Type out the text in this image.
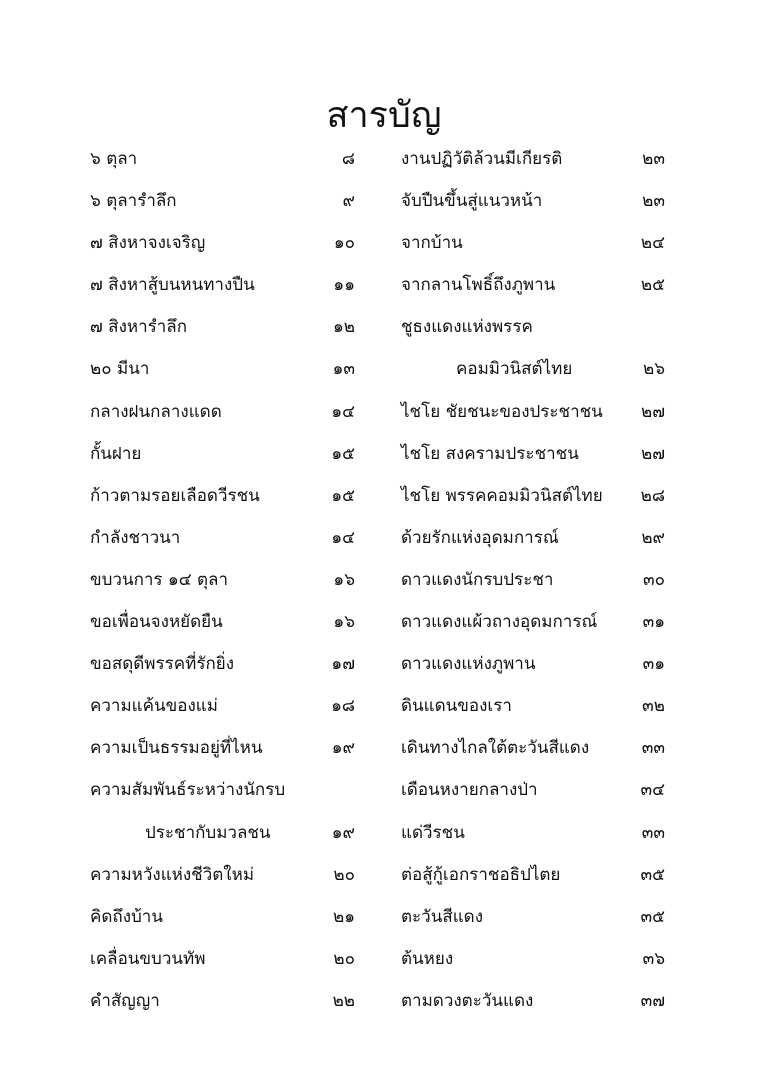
สารบัญ
๖ ตุลา	๘
๖ ตุลารำลึก	๙
๗ สิงหาจงเจริญ	๑๐
๗ สิงหาสู้บนหนทางปืน	๑๑
๗ สิงหารำลึก	๑๒
๒๐ มีนา	๑๓
กลางฝนกลางแดด	๑๔
กั้นฝาย	๑๕
ก้าวตามรอยเลือดวีรชน	๑๕
กำลังชาวนา	๑๔
ขบวนการ ๑๔ ตุลา	๑๖
ขอเพื่อนจงหยัดยืน	๑๖
ขอสดุดีพรรคที่รักยิ่ง	๑๗
ความแค้นของแม่	๑๘
ความเป็นธรรมอยู่ที่ไหน	๑๙
ความสัมพันธ์ระหว่างนักรบ
ประชากับมวลชน	๑๙
ความหวังแห่งชีวิตใหม่	๒๐
คิดถึงบ้าน	๒๑
เคลื่อนขบวนทัพ	๒๐
คำสัญญา	๒๒
งานปฏิวัติล้วนมีเกียรติ	๒๓
จับปืนขึ้นสู่แนวหน้า	๒๓
จากบ้าน	๒๔
จากลานโพธิ์ถึงภูพาน	๒๕
ชูธงแดงแห่งพรรค
คอมมิวนิสต์ไทย	๒๖
ไชโย ชัยชนะของประชาชน ๒๗
ไชโย สงครามประชาชน	๒๗
ไชโย พรรคคอมมิวนิสต์ไทย ๒๘
ด้วยรักแห่งอุดมการณ์	๒๙
ดาวแดงนักรบประชา	๓๐
ดาวแดงแผ้วถางอุดมการณ์	๓๑
ดาวแดงแห่งภูพาน	๓๑
ดินแดนของเรา	๓๒
เดินทางไกลใต้ตะวันสีแดง	๓๓
เดือนหงายกลางป่า	๓๔
แด่วีรชน	๓๓
ต่อสู้กู้เอกราชอธิปไตย	๓๕
ตะวันสีแดง	๓๕
ต้นหยง	๓๖
ตามดวงตะวันแดง	๓๗
